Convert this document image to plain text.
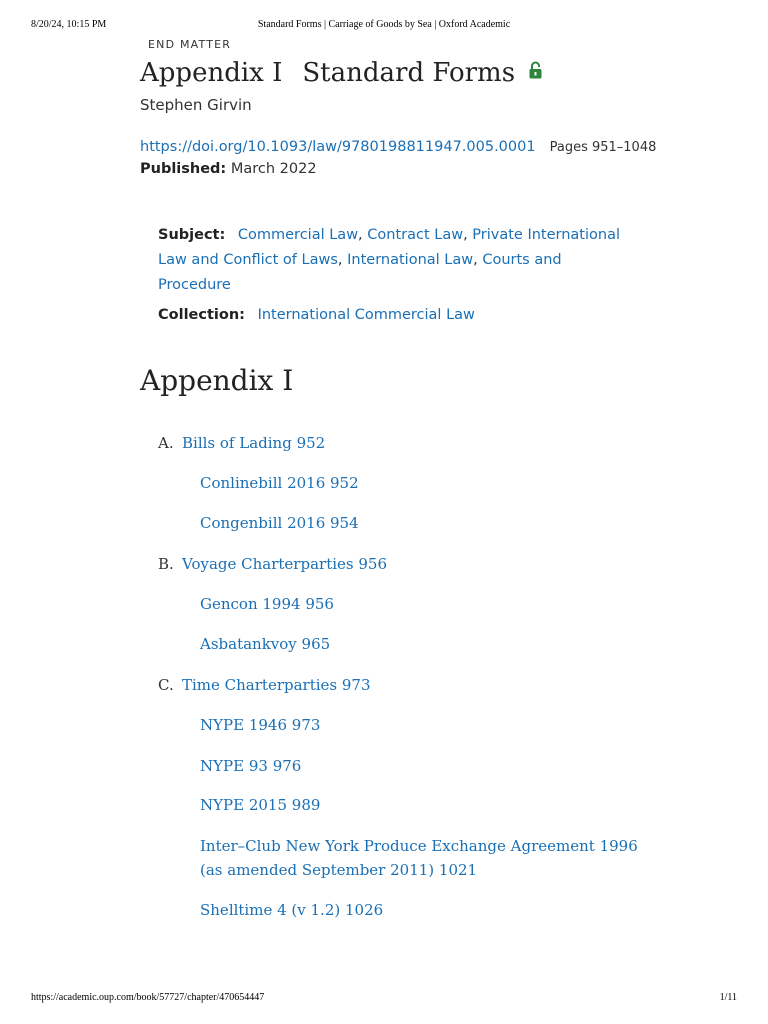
8/20/24, 10:15 PM	Standard Forms | Carriage of Goods by Sea | Oxford Academic
END MATTER
Appendix I Standard Forms
Stephen Girvin
https://doi.org/10.1093/law/9780198811947.005.0001 Pages 951–1048
Published: March 2022
Subject: Commercial Law, Contract Law, Private International Law and Conflict of Laws, International Law, Courts and Procedure
Collection: International Commercial Law
Appendix I
A. Bills of Lading 952
Conlinebill 2016 952
Congenbill 2016 954
B. Voyage Charterparties 956
Gencon 1994 956
Asbatankvoy 965
C. Time Charterparties 973
NYPE 1946 973
NYPE 93 976
NYPE 2015 989
Inter–Club New York Produce Exchange Agreement 1996 (as amended September 2011) 1021
Shelltime 4 (v 1.2) 1026
https://academic.oup.com/book/57727/chapter/470654447	1/11
